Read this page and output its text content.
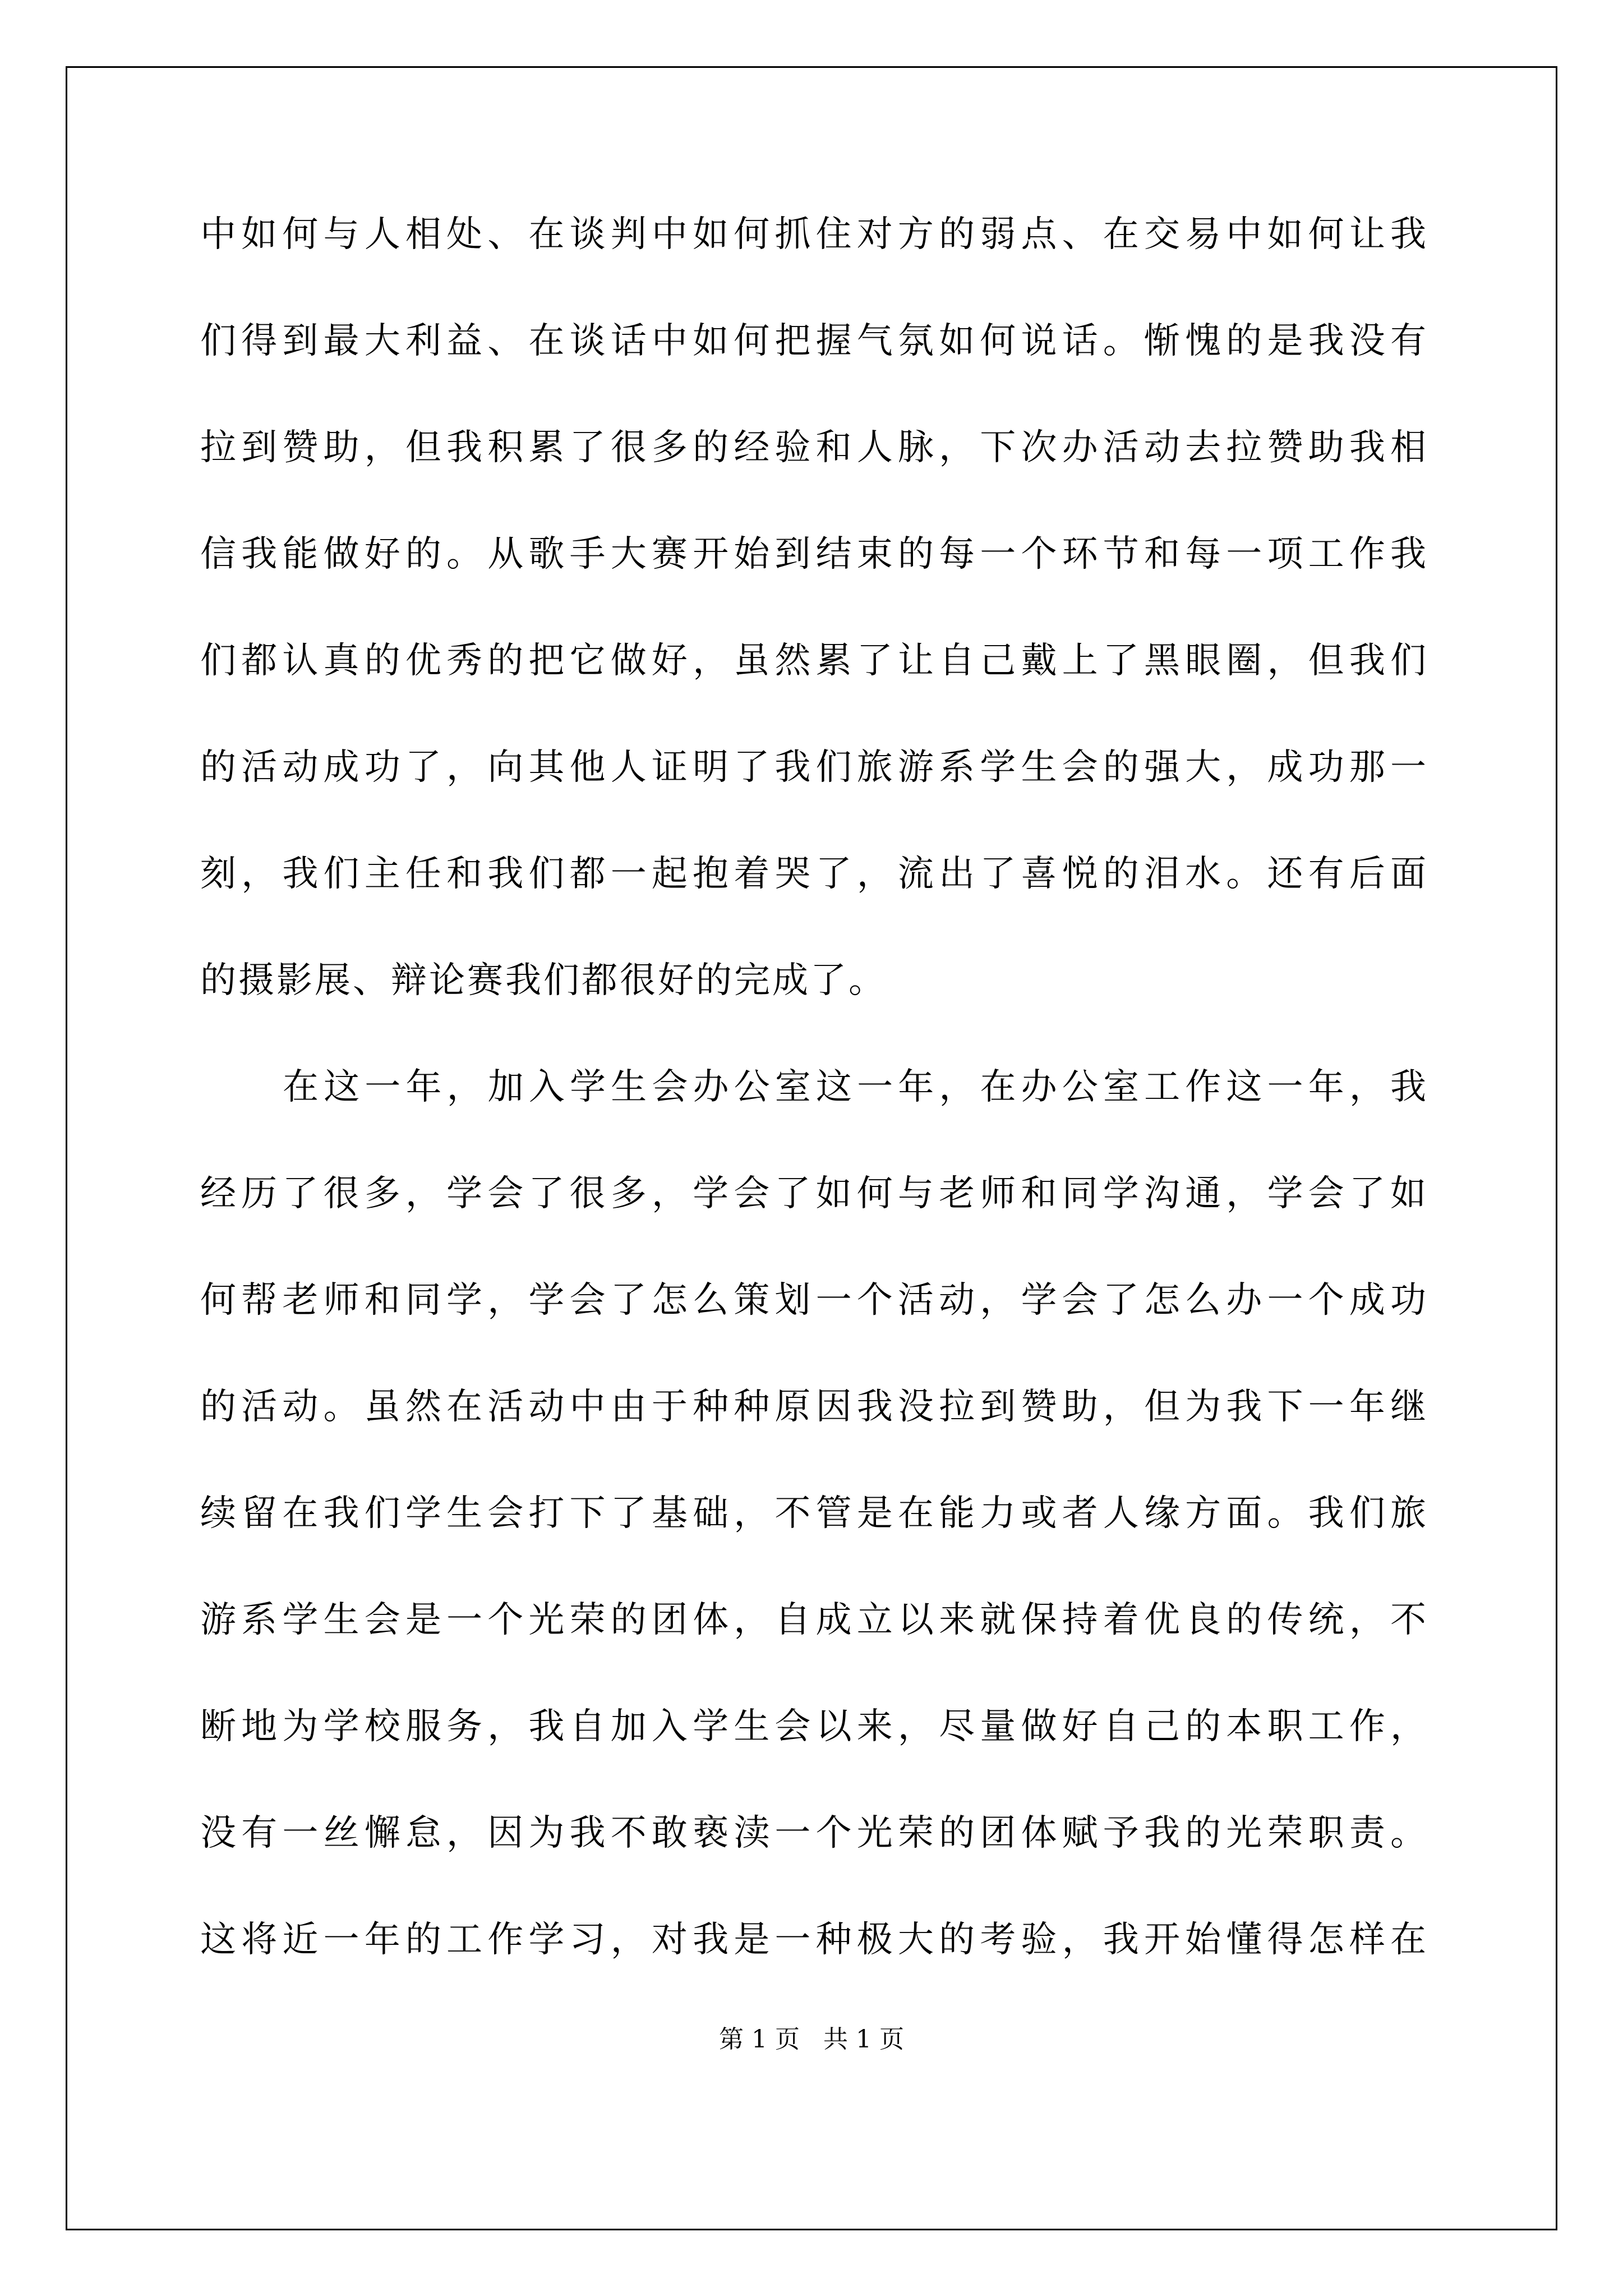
中如何与人相处、在谈判中如何抓住对方的弱点、在交易中如何让我
们得到最大利益、在谈话中如何把握气氛如何说话。惭愧的是我没有
拉到赞助，但我积累了很多的经验和人脉，下次办活动去拉赞助我相
信我能做好的。从歌手大赛开始到结束的每一个环节和每一项工作我
们都认真的优秀的把它做好，虽然累了让自己戴上了黑眼圈，但我们
的活动成功了，向其他人证明了我们旅游系学生会的强大，成功那一
刻，我们主任和我们都一起抱着哭了，流出了喜悦的泪水。还有后面
的摄影展、辩论赛我们都很好的完成了。
在这一年，加入学生会办公室这一年，在办公室工作这一年，我
经历了很多，学会了很多，学会了如何与老师和同学沟通，学会了如
何帮老师和同学，学会了怎么策划一个活动，学会了怎么办一个成功
的活动。虽然在活动中由于种种原因我没拉到赞助，但为我下一年继
续留在我们学生会打下了基础，不管是在能力或者人缘方面。我们旅
游系学生会是一个光荣的团体，自成立以来就保持着优良的传统，不
断地为学校服务，我自加入学生会以来，尽量做好自己的本职工作，
没有一丝懈怠，因为我不敢亵渎一个光荣的团体赋予我的光荣职责。
这将近一年的工作学习，对我是一种极大的考验，我开始懂得怎样在
第 1 页   共 1 页
